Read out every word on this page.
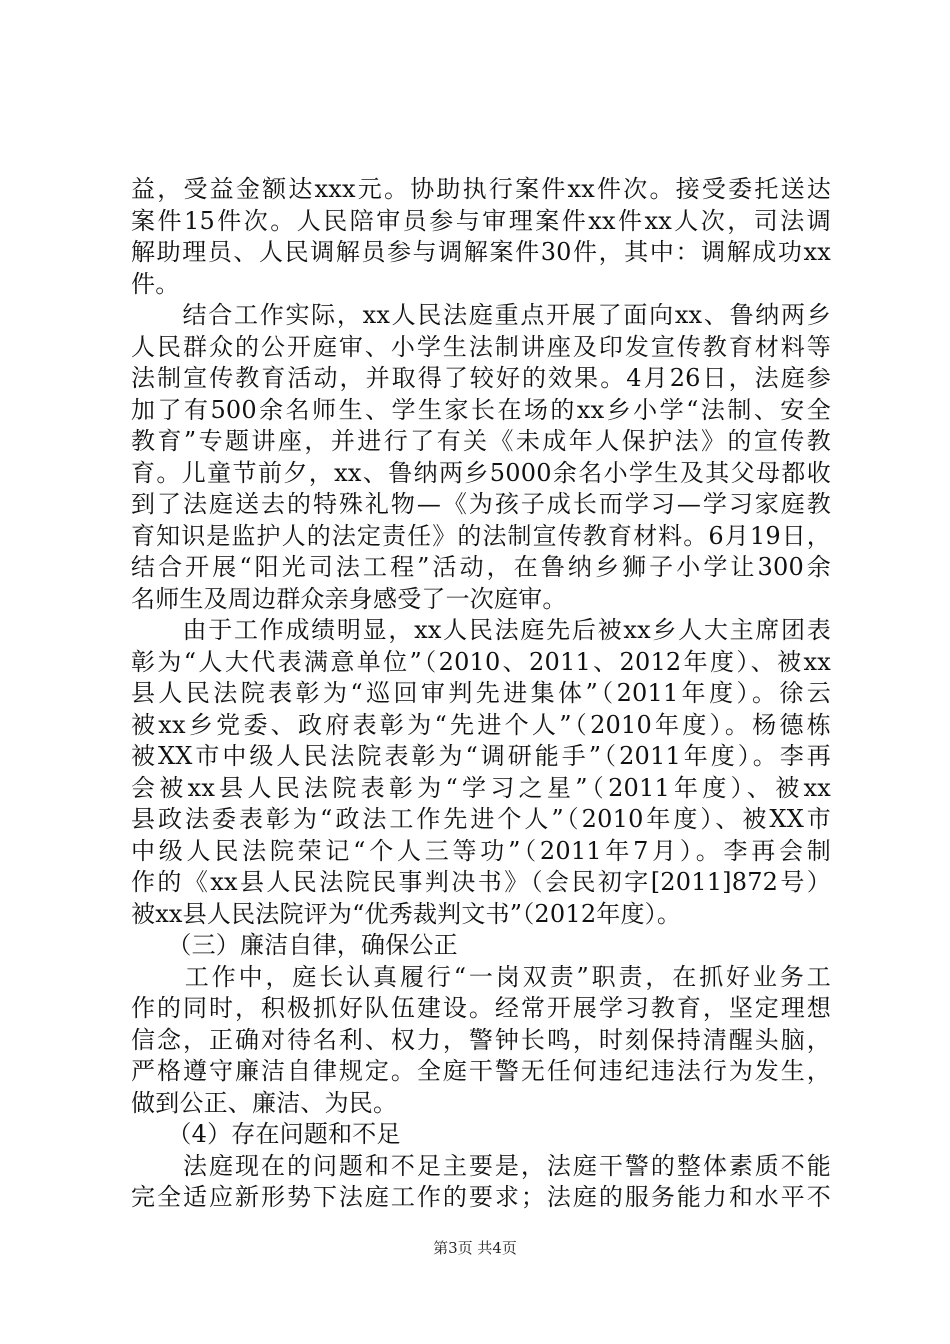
益，受益金额达xxx元。协助执行案件xx件次。接受委托送达
案件15件次。人民陪审员参与审理案件xx件xx人次，司法调
解助理员、人民调解员参与调解案件30件，其中：调解成功xx
件。
　　结合工作实际，xx人民法庭重点开展了面向xx、鲁纳两乡
人民群众的公开庭审、小学生法制讲座及印发宣传教育材料等
法制宣传教育活动，并取得了较好的效果。4月26日，法庭参
加了有500余名师生、学生家长在场的xx乡小学“法制、安全
教育”专题讲座，并进行了有关《未成年人保护法》的宣传教
育。儿童节前夕，xx、鲁纳两乡5000余名小学生及其父母都收
到了法庭送去的特殊礼物—《为孩子成长而学习—学习家庭教
育知识是监护人的法定责任》的法制宣传教育材料。6月19日，
结合开展“阳光司法工程”活动，在鲁纳乡狮子小学让300余
名师生及周边群众亲身感受了一次庭审。
　　由于工作成绩明显，xx人民法庭先后被xx乡人大主席团表
彰为“人大代表满意单位”（2010、2011、2012年度）、被xx
县人民法院表彰为“巡回审判先进集体”（2011年度）。徐云
被xx乡党委、政府表彰为“先进个人”（2010年度）。杨德栋
被XX市中级人民法院表彰为“调研能手”（2011年度）。李再
会被xx县人民法院表彰为“学习之星”（2011年度）、被xx
县政法委表彰为“政法工作先进个人”（2010年度）、被XX市
中级人民法院荣记“个人三等功”（2011年7月）。李再会制
作的《xx县人民法院民事判决书》（会民初字[2011]872号）
被xx县人民法院评为“优秀裁判文书”（2012年度）。
　　（三）廉洁自律，确保公正
　　工作中，庭长认真履行“一岗双责”职责，在抓好业务工
作的同时，积极抓好队伍建设。经常开展学习教育，坚定理想
信念，正确对待名利、权力，警钟长鸣，时刻保持清醒头脑，
严格遵守廉洁自律规定。全庭干警无任何违纪违法行为发生，
做到公正、廉洁、为民。
　　（4）存在问题和不足
　　法庭现在的问题和不足主要是，法庭干警的整体素质不能
完全适应新形势下法庭工作的要求；法庭的服务能力和水平不
第3页 共4页
